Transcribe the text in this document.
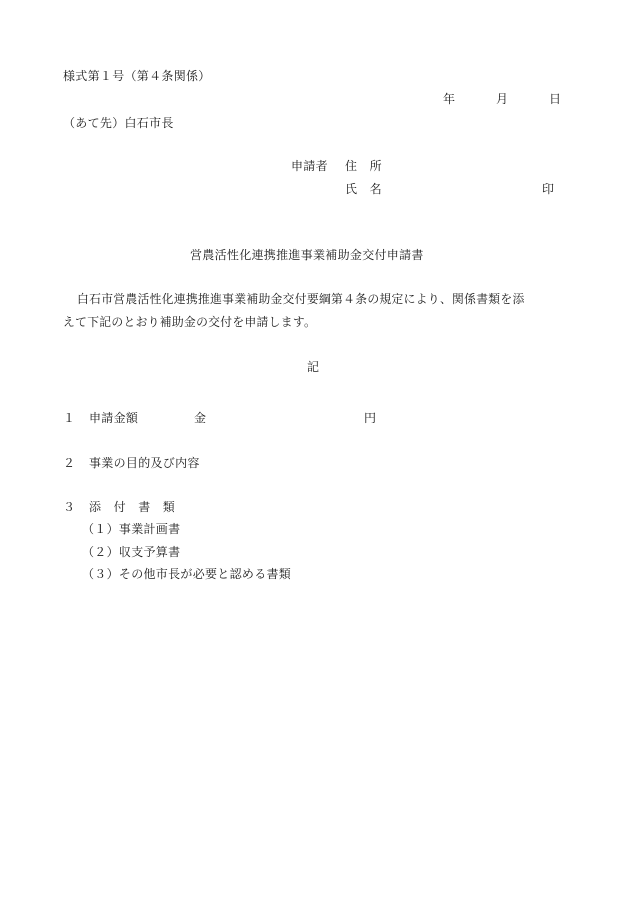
様式第１号（第４条関係）
年	月	日
（あて先）白石市長
申請者 住　所
氏　名	印
営農活性化連携推進事業補助金交付申請書
白石市営農活性化連携推進事業補助金交付要綱第４条の規定により、関係書類を添
えて下記のとおり補助金の交付を申請します。
記
１ 申請金額	金	円
２ 事業の目的及び内容
３ 添　付　書　類
（１）事業計画書
（２）収支予算書
（３）その他市長が必要と認める書類
